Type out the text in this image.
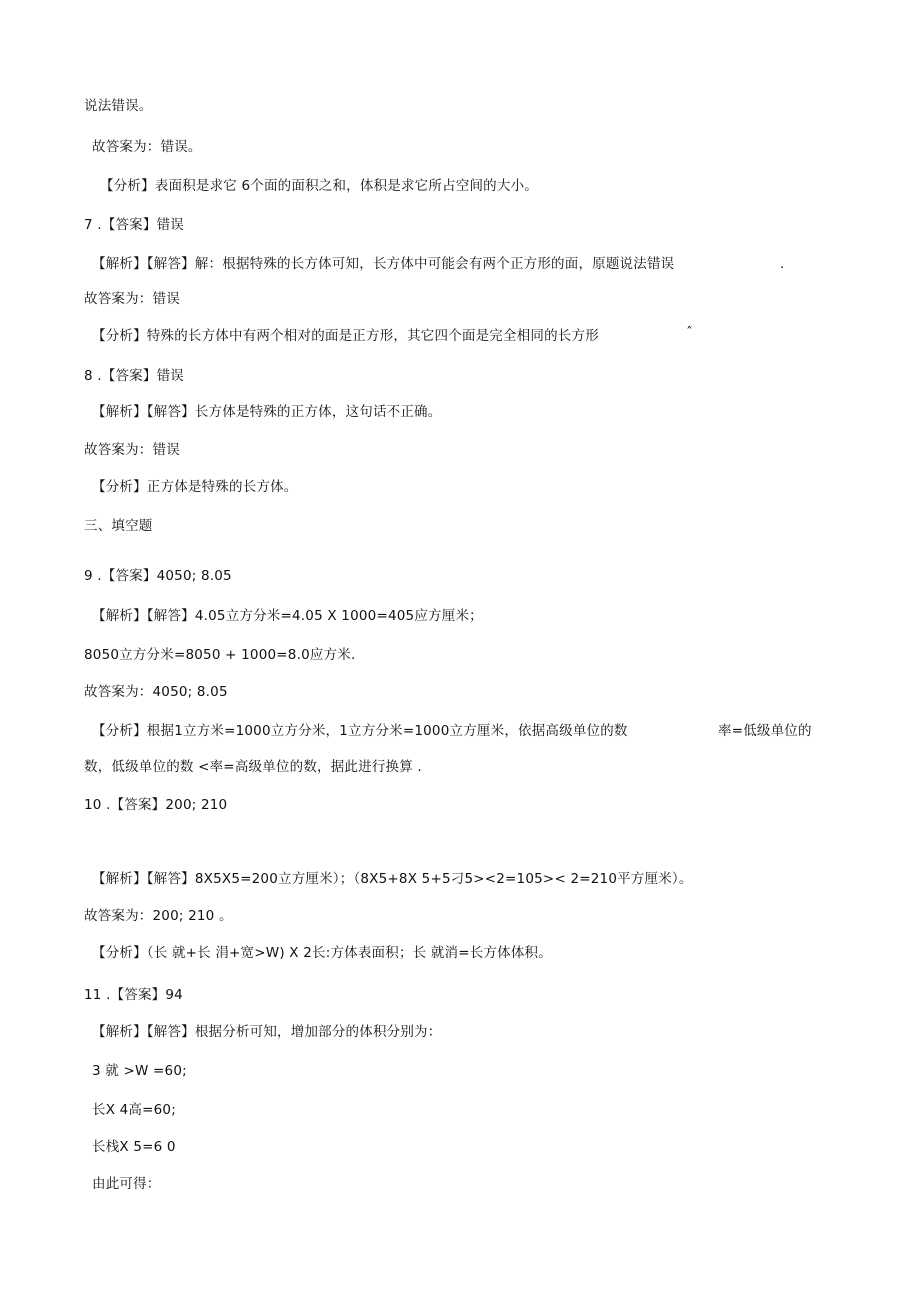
说法错误。
故答案为：错误。
【分析】表面积是求它 6个面的面积之和，体积是求它所占空间的大小。
7 .【答案】错误
【解析】【解答】解：根据特殊的长方体可知，长方体中可能会有两个正方形的面，原题说法错误	.
故答案为：错误
【分析】特殊的长方体中有两个相对的面是正方形，其它四个面是完全相同的长方形	ˆ
8 .【答案】错误
【解析】【解答】长方体是特殊的正方体，这句话不正确。
故答案为：错误
【分析】正方体是特殊的长方体。
三、填空题
9 .【答案】4050; 8.05
【解析】【解答】4.05立方分米=4.05 X 1000=405应方厘米；
8050立方分米=8050 + 1000=8.0应方米.
故答案为：4050; 8.05
【分析】根据1立方米=1000立方分米，1立方分米=1000立方厘米，依据高级单位的数	率=低级单位的
数，低级单位的数 <率=高级单位的数，据此进行换算 .
10 .【答案】200; 210
【解析】【解答】8X5X5=200立方厘米）；（8X5+8X 5+5刁5><2=105>< 2=210平方厘米）。
故答案为：200; 210 。
【分析】（长 就+长 涓+宽>W) X 2长:方体表面积；长 就消=长方体体积。
11 .【答案】94
【解析】【解答】根据分析可知，增加部分的体积分别为：
3 就 >W =60;
长X 4高=60;
长栈X 5=6 0
由此可得：
